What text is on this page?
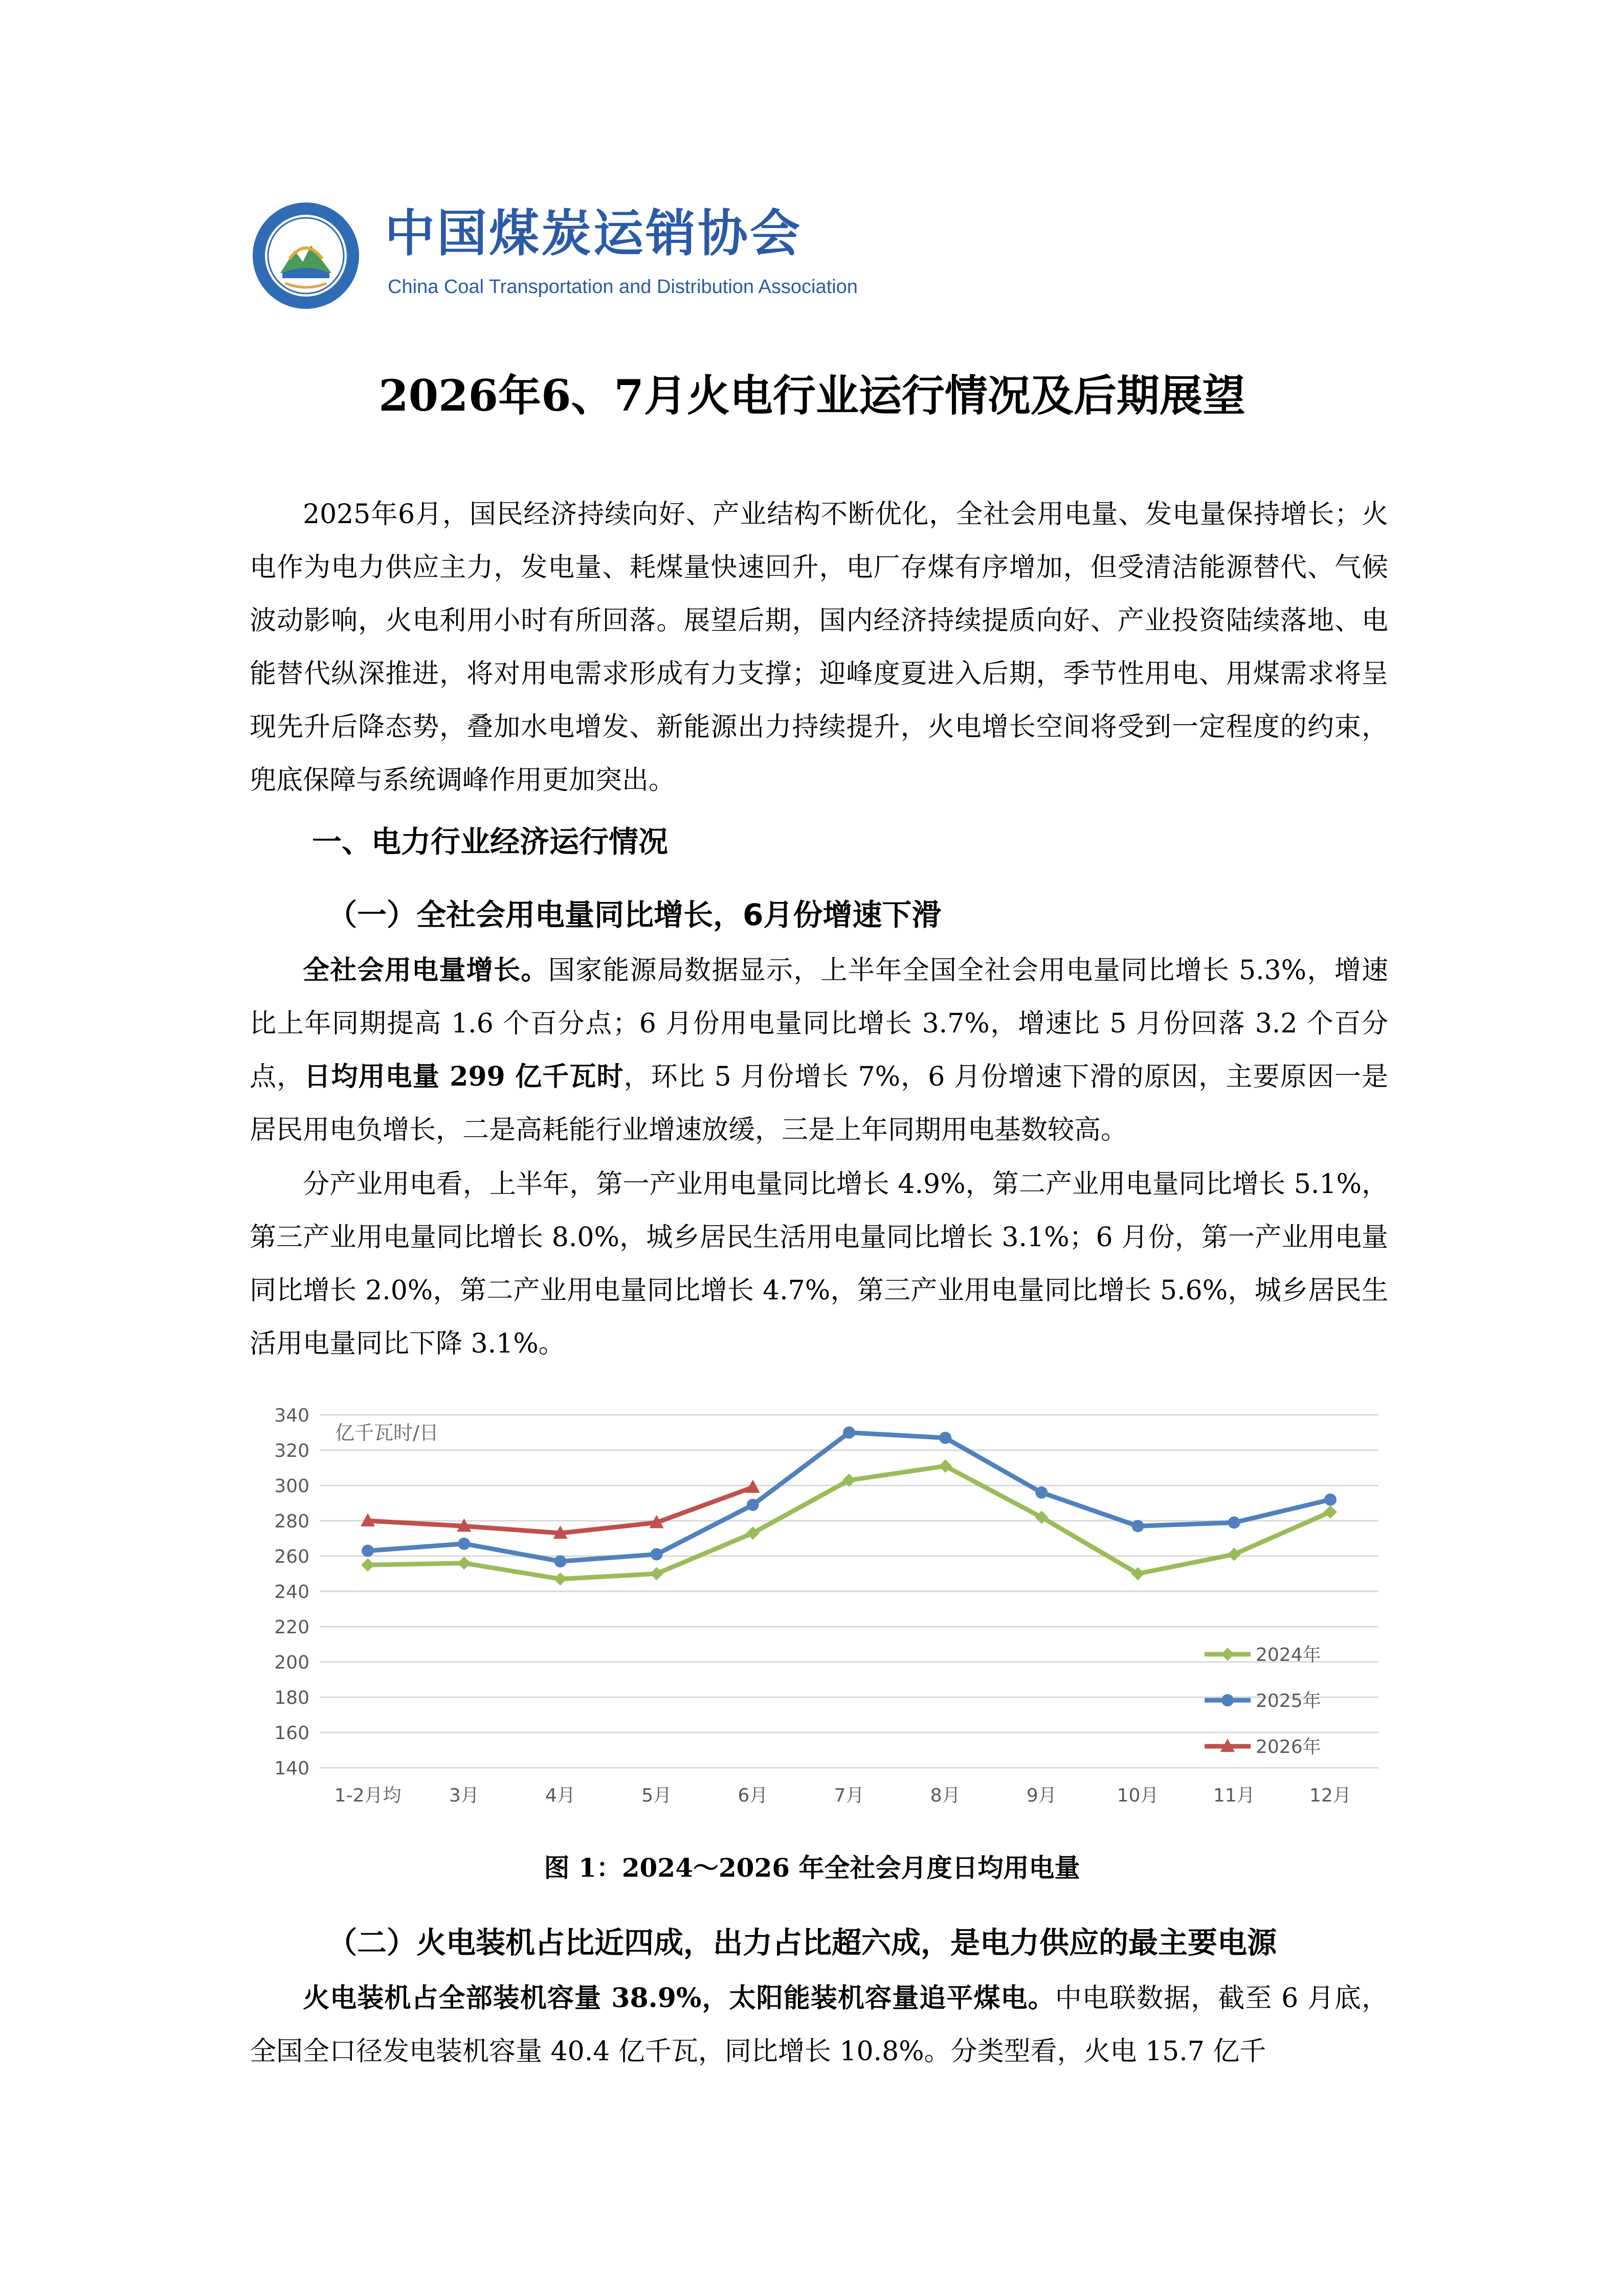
中国煤炭运销协会
China Coal Transportation and Distribution Association
2026年6、7月火电行业运行情况及后期展望

2025年6月，国民经济持续向好、产业结构不断优化，全社会用电量、发电量保持增长；火电作为电力供应主力，发电量、耗煤量快速回升，电厂存煤有序增加，但受清洁能源替代、气候波动影响，火电利用小时有所回落。展望后期，国内经济持续提质向好、产业投资陆续落地、电能替代纵深推进，将对用电需求形成有力支撑；迎峰度夏进入后期，季节性用电、用煤需求将呈现先升后降态势，叠加水电增发、新能源出力持续提升，火电增长空间将受到一定程度的约束，兜底保障与系统调峰作用更加突出。

一、电力行业经济运行情况
（一）全社会用电量同比增长，6月份增速下滑

全社会用电量增长。国家能源局数据显示，上半年全国全社会用电量同比增长 5.3%，增速比上年同期提高 1.6 个百分点；6 月份用电量同比增长 3.7%，增速比 5 月份回落 3.2 个百分点，日均用电量 299 亿千瓦时，环比 5 月份增长 7%，6 月份增速下滑的原因，主要原因一是居民用电负增长，二是高耗能行业增速放缓，三是上年同期用电基数较高。

分产业用电看，上半年，第一产业用电量同比增长 4.9%，第二产业用电量同比增长 5.1%，第三产业用电量同比增长 8.0%，城乡居民生活用电量同比增长 3.1%；6 月份，第一产业用电量同比增长 2.0%，第二产业用电量同比增长 4.7%，第三产业用电量同比增长 5.6%，城乡居民生活用电量同比下降 3.1%。

140
160
180
200
220
240
260
280
300
320
340
1-2月均	3月	4月	5月	6月	7月	8月	9月	10月	11月	12月
亿千瓦时/日
2024年
2025年
2026年
图 1：2024～2026 年全社会月度日均用电量
（二）火电装机占比近四成，出力占比超六成，是电力供应的最主要电源

火电装机占全部装机容量 38.9%，太阳能装机容量追平煤电。中电联数据，截至 6 月底，全国全口径发电装机容量 40.4 亿千瓦，同比增长 10.8%。分类型看，火电 15.7 亿千
